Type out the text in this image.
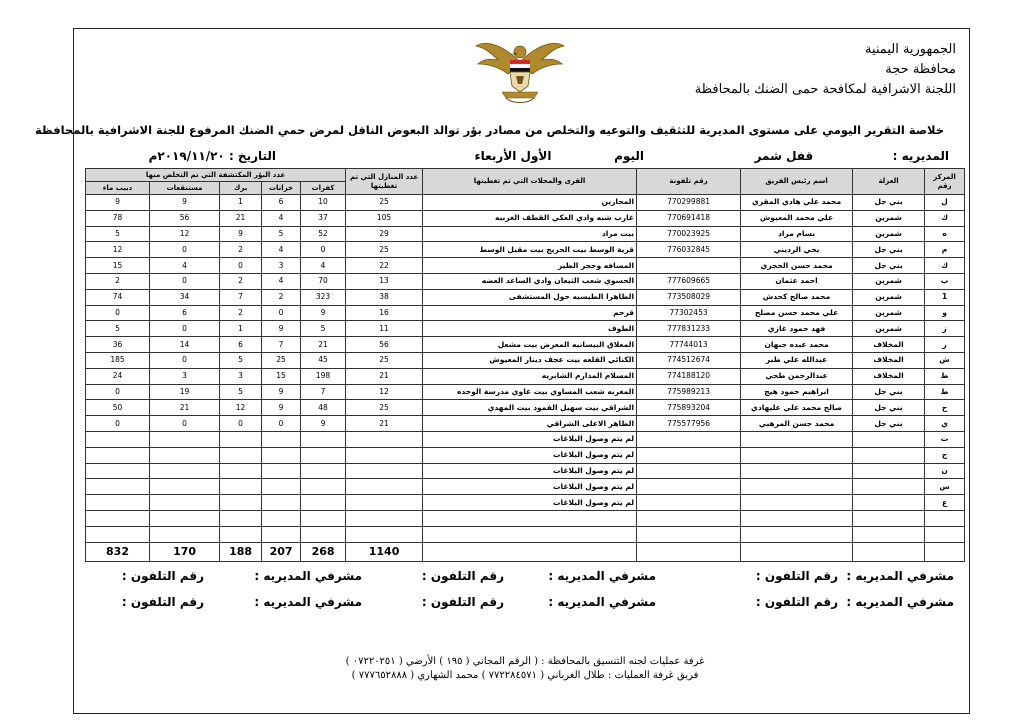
الجمهورية اليمنية
محافظة حجة
اللجنة الاشرافية لمكافحة حمى الضنك بالمحافظة
خلاصة التقرير اليومي على مستوى المديرية للتثقيف والتوعيه والتخلص من مصادر بؤر توالد البعوض الناقل لمرض حمي الضنك المرفوع للجنة الاشرافية بالمحافظة
المديريه :                   قفل شمر
اليوم               الأول الأربعاء
التاريخ : ٢٠١٩/١١/٢٠م
المركز رقم	العزلة	اسم رئيس الفريق	رقم تلفونة	القرى والمحلات التي تم تغطيتها	عدد المنازل التي تم تغطيتها	عدد البؤر المكتشفة التي تم التخلص منها				
						كفرات	خزانات	برك	مستنقعات	ديبب ماء
ل	بني جل	محمد علي هادي المقري	770299881	المحارين	25	10	6	1	9	9
ك	شمرين	علي محمد المعيوش	770691418	غارب شبه وادي العكي القطف الغربيه	105	37	4	21	56	78
ه	شمرين	بسام مراد	770023925	بيت مراد	29	52	5	9	12	5
م	بني جل	يحي الرديني	776032845	قرية الوسط بيت الحريج بيت مقبل الوسط	25	0	4	2	0	12
ك	بني جل	محمد حسن الحجري		المسافه وحجر الظير	22	4	3	0	4	15
ب	شمرين	احمد عثمان	777609665	الحسوي شعب الثيعان وادي الساعد العضه	13	70	4	2	0	2
1	شمرين	محمد صالح كحدش	773508029	الظاهرا الطيسيه حول المستشفى	38	323	2	7	34	74
و	شمرين	علي محمد حسن مصلح	77302453	قرحم	16	9	0	2	6	0
ز	شمرين	فهد حمود غازي	777831233	الطوف	11	5	9	1	0	5
ر	المخلاف	محمد عبده جبهان	77744013	المعلاق البيسانيه المعرض بيت مشعل	56	21	7	6	14	36
ش	المخلاف	عبدالله علي ظبر	774512674	الكنائي القلعه بيت عجف دينار المعيوش	25	45	25	5	0	185
ظ	المخلاف	عبدالرحمن طحي	774188120	المسلام المدارم الشابريه	21	198	15	3	3	24
ط	بني جل	ابراهيم حمود هيج	775989213	المغربه شعب المساوي بيت غاوي مدرسة الوحده	12	7	9	5	19	0
ح	بني جل	صالح محمد علي عليهادي	775893204	الشراقي بيت سهيل القمود بيت المهدي	25	48	9	12	21	50
ي	بني جل	محمد حسن المرهبي	775577956	الظاهر الاعلى الشراقي	21	9	0	0	0	0
ت				لم يتم وصول البلاغات						
ج				لم يتم وصول البلاغات						
ن				لم يتم وصول البلاغات						
س				لم يتم وصول البلاغات						
ع				لم يتم وصول البلاغات						

					1140	268	207	188	170	832
مشرفي المديريه :
رقم التلفون :
مشرفي المديريه :
رقم التلفون :
مشرفي المديريه :
رقم التلفون :
مشرفي المديريه :
رقم التلفون :
مشرفي المديريه :
رقم التلفون :
مشرفي المديريه :
رقم التلفون :
غرفة عمليات لجنه التنسيق بالمحافظة : ( الرقم المجاني ( ١٩٥ ) الأرضي ( ٠٧٢٢٠٢٥١ )
فريق غرفة العمليات : طلال الغرباني ( ٧٧٢٢٨٤٥٧١ ) محمد الشهاري ( ٧٧٧٦٥٢٨٨٨ )
